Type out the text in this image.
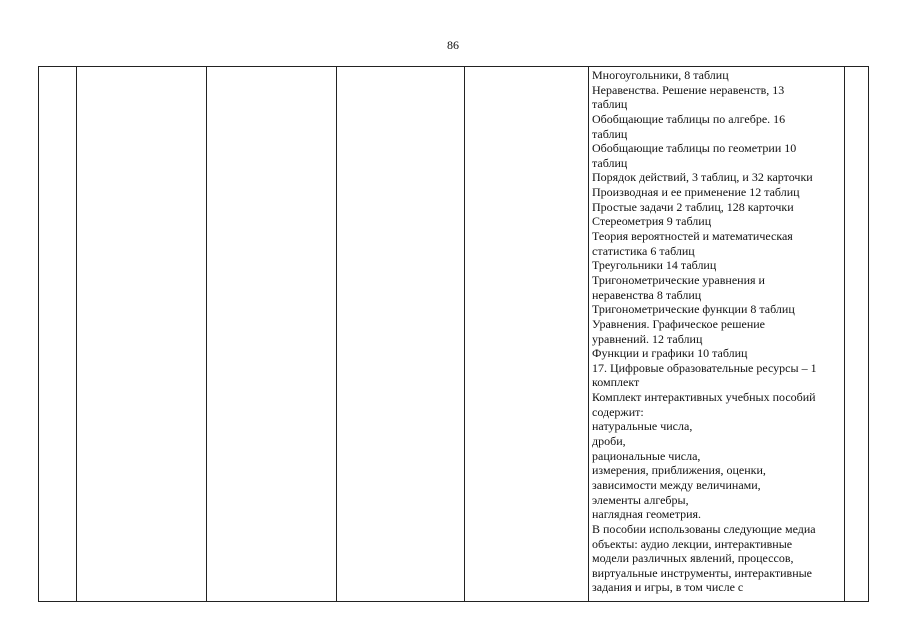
86

Многоугольники, 8 таблиц
Неравенства. Решение неравенств, 13
таблиц
Обобщающие таблицы по алгебре. 16
таблиц
Обобщающие таблицы по геометрии 10
таблиц
Порядок действий, 3 таблиц, и 32 карточки
Производная и ее применение 12 таблиц
Простые задачи 2 таблиц, 128 карточки
Стереометрия 9 таблиц
Теория вероятностей и математическая
статистика 6 таблиц
Треугольники 14 таблиц
Тригонометрические уравнения и
неравенства 8 таблиц
Тригонометрические функции 8 таблиц
Уравнения. Графическое решение
уравнений. 12 таблиц
Функции и графики 10 таблиц
17. Цифровые образовательные ресурсы – 1
комплект
Комплект интерактивных учебных пособий
содержит:
натуральные числа,
дроби,
рациональные числа,
измерения, приближения, оценки,
зависимости между величинами,
элементы алгебры,
наглядная геометрия.
В пособии использованы следующие медиа
объекты: аудио лекции, интерактивные
модели различных явлений, процессов,
виртуальные инструменты, интерактивные
задания и игры, в том числе с
